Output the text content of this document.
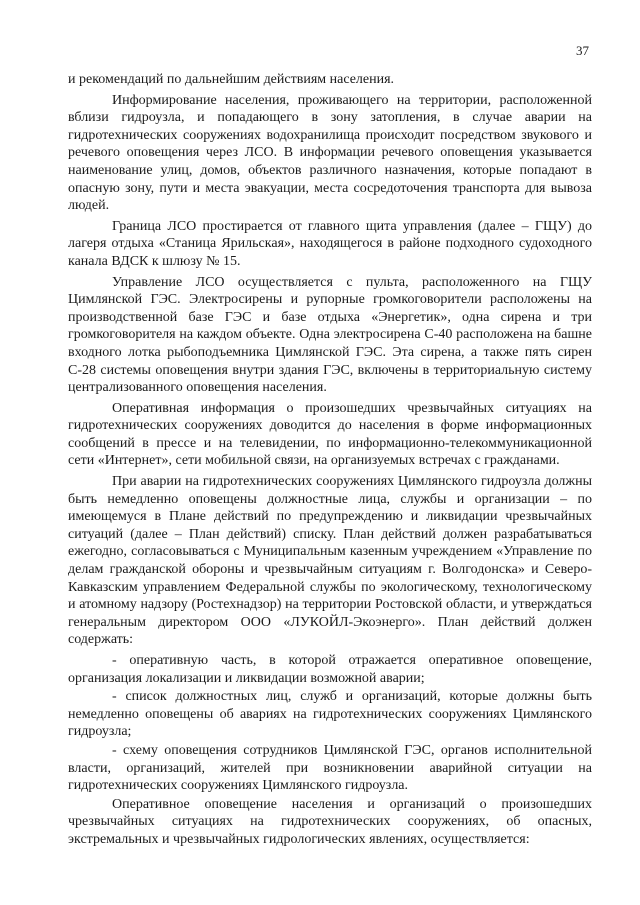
37

и рекомендаций по дальнейшим действиям населения.

Информирование населения, проживающего на территории, расположенной вблизи гидроузла, и попадающего в зону затопления, в случае аварии на гидротехнических сооружениях водохранилища происходит посредством звукового и речевого оповещения через ЛСО. В информации речевого оповещения указывается наименование улиц, домов, объектов различного назначения, которые попадают в опасную зону, пути и места эвакуации, места сосредоточения транспорта для вывоза людей.

Граница ЛСО простирается от главного щита управления (далее – ГЩУ) до лагеря отдыха «Станица Ярильская», находящегося в районе подходного судоходного канала ВДСК к шлюзу № 15.

Управление ЛСО осуществляется с пульта, расположенного на ГЩУ Цимлянской ГЭС. Электросирены и рупорные громкоговорители расположены на производственной базе ГЭС и базе отдыха «Энергетик», одна сирена и три громкоговорителя на каждом объекте. Одна электросирена С-40 расположена на башне входного лотка рыбоподъемника Цимлянской ГЭС. Эта сирена, а также пять сирен С-28 системы оповещения внутри здания ГЭС, включены в территориальную систему централизованного оповещения населения.

Оперативная информация о произошедших чрезвычайных ситуациях на гидротехнических сооружениях доводится до населения в форме информационных сообщений в прессе и на телевидении, по информационно-телекоммуникационной сети «Интернет», сети мобильной связи, на организуемых встречах с гражданами.

При аварии на гидротехнических сооружениях Цимлянского гидроузла должны быть немедленно оповещены должностные лица, службы и организации – по имеющемуся в Плане действий по предупреждению и ликвидации чрезвычайных ситуаций (далее – План действий) списку. План действий должен разрабатываться ежегодно, согласовываться с Муниципальным казенным учреждением «Управление по делам гражданской обороны и чрезвычайным ситуациям г. Волгодонска» и Северо-Кавказским управлением Федеральной службы по экологическому, технологическому и атомному надзору (Ростехнадзор) на территории Ростовской области, и утверждаться генеральным директором ООО «ЛУКОЙЛ-Экоэнерго». План действий должен содержать:

- оперативную часть, в которой отражается оперативное оповещение, организация локализации и ликвидации возможной аварии;

- список должностных лиц, служб и организаций, которые должны быть немедленно оповещены об авариях на гидротехнических сооружениях Цимлянского гидроузла;

- схему оповещения сотрудников Цимлянской ГЭС, органов исполнительной власти, организаций, жителей при возникновении аварийной ситуации на гидротехнических сооружениях Цимлянского гидроузла.

Оперативное оповещение населения и организаций о произошедших чрезвычайных ситуациях на гидротехнических сооружениях, об опасных, экстремальных и чрезвычайных гидрологических явлениях, осуществляется:
